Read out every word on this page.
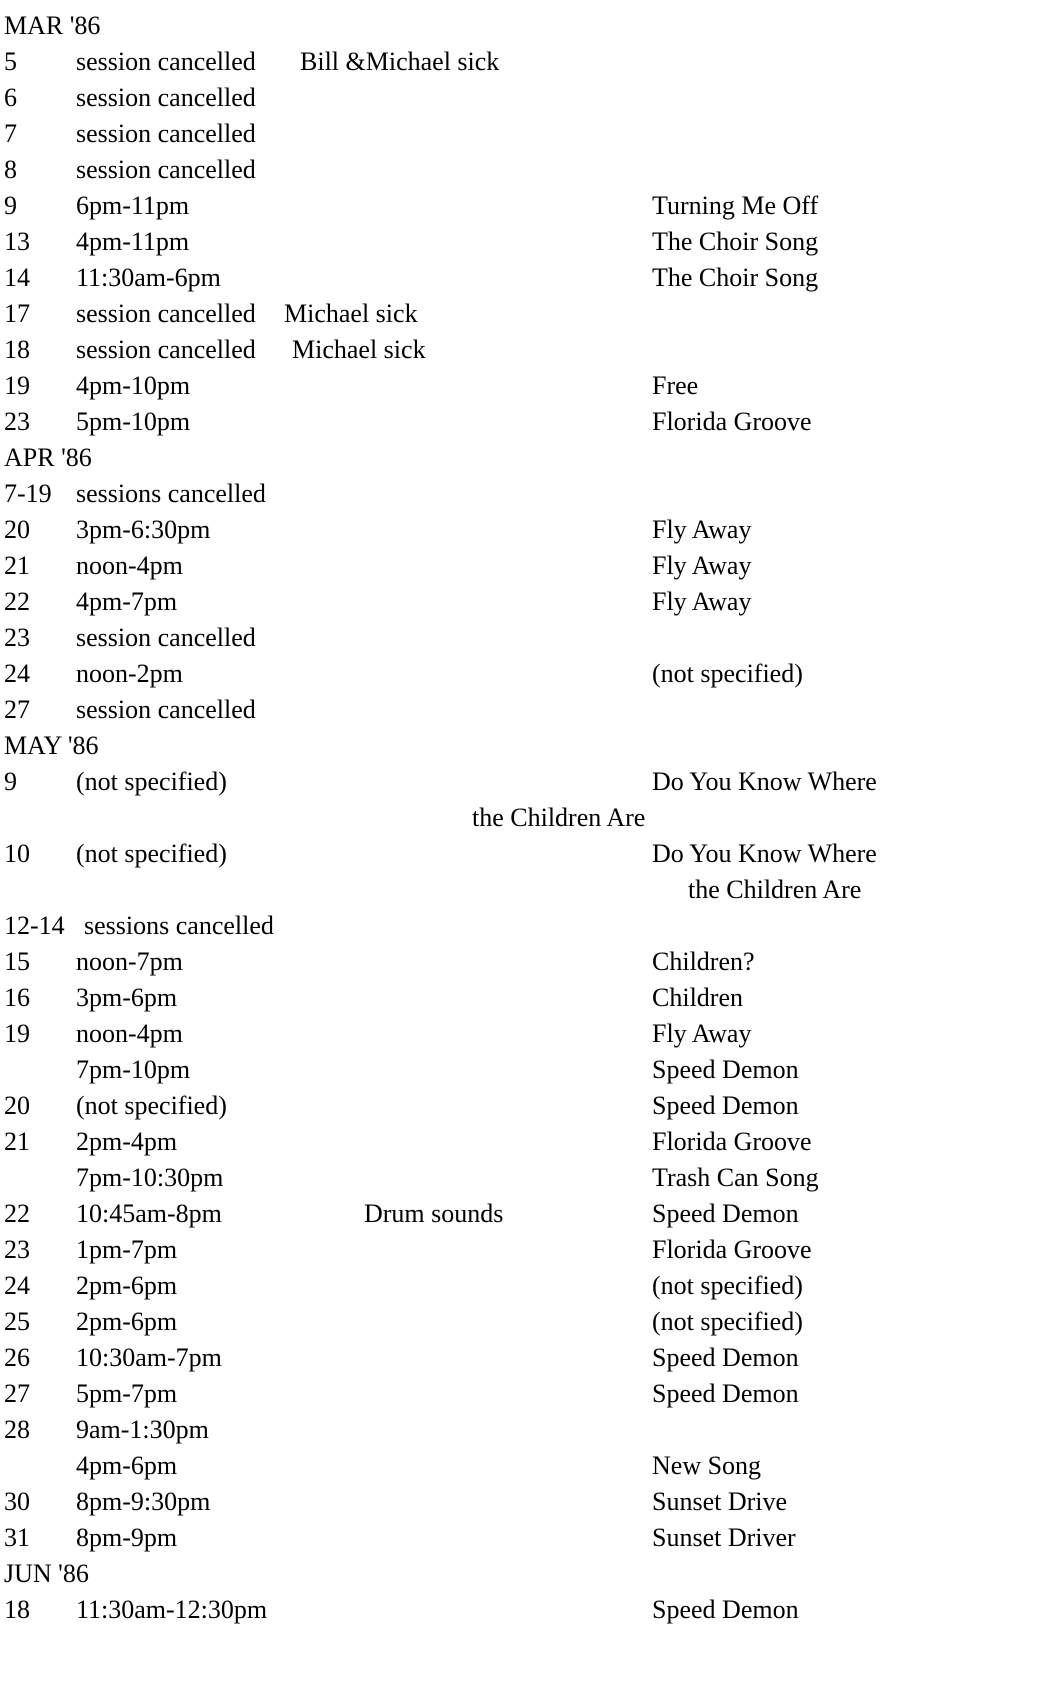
MAR '86
5 session cancelled Bill &Michael sick
6 session cancelled
7 session cancelled
8 session cancelled
9 6pm-11pm	Turning Me Off
13 4pm-11pm	The Choir Song
14 11:30am-6pm	The Choir Song
17 session cancelled Michael sick
18 session cancelled Michael sick
19 4pm-10pm	Free
23 5pm-10pm	Florida Groove
APR '86
7-19 sessions cancelled
20 3pm-6:30pm	Fly Away
21 noon-4pm	Fly Away
22 4pm-7pm	Fly Away
23 session cancelled
24 noon-2pm	(not specified)
27 session cancelled
MAY '86
9 (not specified)	Do You Know Where
the Children Are
10 (not specified)	Do You Know Where
the Children Are
12-14 sessions cancelled
15 noon-7pm	Children?
16 3pm-6pm	Children
19 noon-4pm	Fly Away
7pm-10pm	Speed Demon
20 (not specified)	Speed Demon
21 2pm-4pm	Florida Groove
7pm-10:30pm	Trash Can Song
22 10:45am-8pm	Drum sounds	Speed Demon
23 1pm-7pm	Florida Groove
24 2pm-6pm	(not specified)
25 2pm-6pm	(not specified)
26 10:30am-7pm	Speed Demon
27 5pm-7pm	Speed Demon
28 9am-1:30pm
4pm-6pm	New Song
30 8pm-9:30pm	Sunset Drive
31 8pm-9pm	Sunset Driver
JUN '86
18 11:30am-12:30pm	Speed Demon
